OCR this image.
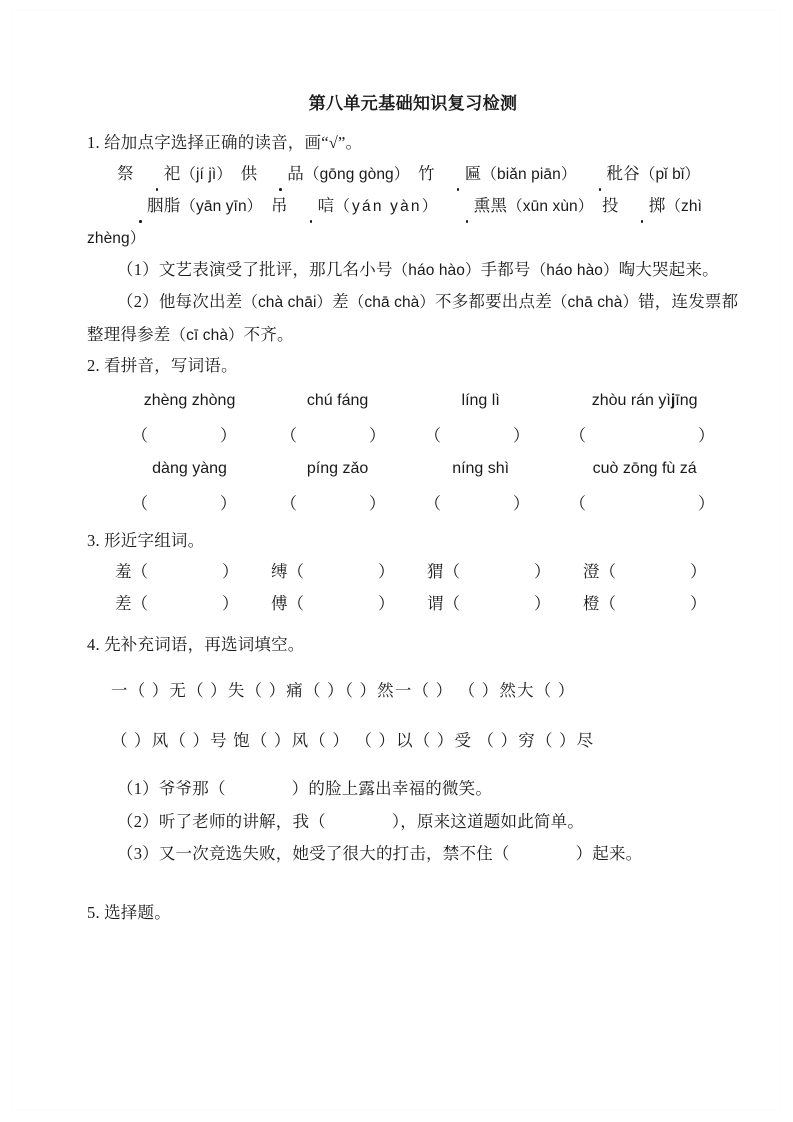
第八单元基础知识复习检测

1. 给加点字选择正确的读音，画“√”。

祭 祀（jí jì） 供 品（gōng gòng） 竹 匾（biǎn piān） 秕谷（pǐ bǐ）

胭脂（yān yīn） 吊 唁（yán yàn） 熏黑（xūn xùn） 投 掷（zhì zhèng）

（1）文艺表演受了批评，那几名小号（háo hào）手都号（háo hào）啕大哭起来。

（2）他每次出差（chà chāi）差（chā chà）不多都要出点差（chā chà）错，连发票都整理得参差（cī chà）不齐。

2. 看拼音，写词语。

zhèng zhòng	chú fáng	líng lì	zhòu rán yìjīng
（	）	（	）	（	）	（	）
dàng yàng	píng zǎo	níng shì	cuò zōng fù zá
（	）	（	）	（	）	（	）

3. 形近字组词。

羞（	）	缚（	）	猬（	）	澄（	）
差（	）	傅（	）	谓（	）	橙（	）

4. 先补充词语，再选词填空。

一（ ）无（ ）失（ ）痛（ ）（ ）然一（ ） （ ）然大（ ）

（ ）风（ ）号 饱（ ）风（ ） （ ）以（ ）受 （ ）穷（ ）尽

（1）爷爷那（	）的脸上露出幸福的微笑。

（2）听了老师的讲解，我（	），原来这道题如此简单。

（3）又一次竞选失败，她受了很大的打击，禁不住（	）起来。

5. 选择题。
